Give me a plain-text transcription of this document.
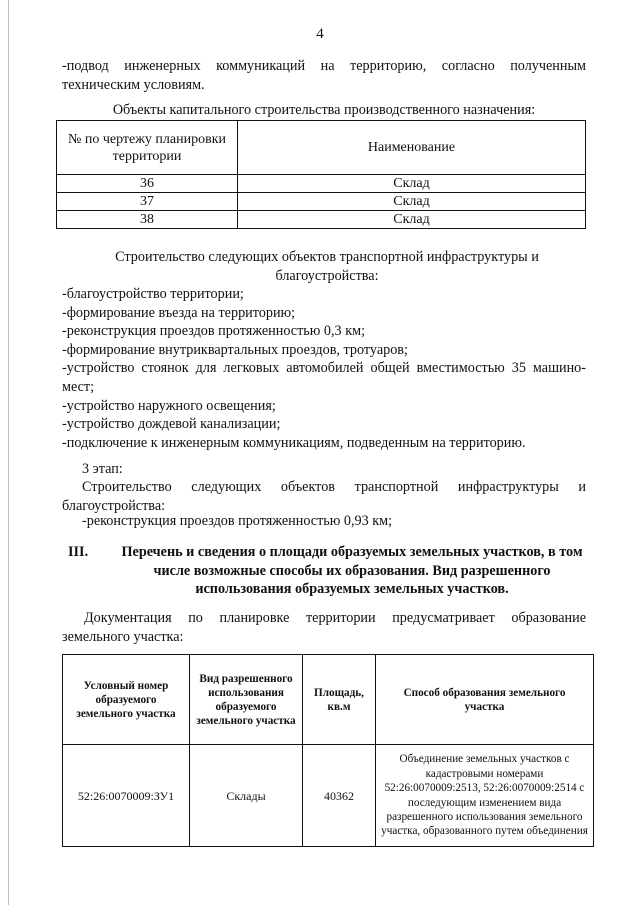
4
-подвод инженерных коммуникаций на территорию, согласно полученным техническим условиям.
Объекты капитального строительства производственного назначения:
№ по чертежу планировки территории	Наименование
36	Склад
37	Склад
38	Склад
Строительство следующих объектов транспортной инфраструктуры и благоустройства:
-благоустройство территории;
-формирование въезда на территорию;
-реконструкция проездов протяженностью 0,3 км;
-формирование внутриквартальных проездов, тротуаров;
-устройство стоянок для легковых автомобилей общей вместимостью 35 машино-мест;
-устройство наружного освещения;
-устройство дождевой канализации;
-подключение к инженерным коммуникациям, подведенным на территорию.
3 этап:
Строительство следующих объектов транспортной инфраструктуры и благоустройства:
-реконструкция проездов протяженностью 0,93 км;
III.	Перечень и сведения о площади образуемых земельных участков, в том числе возможные способы их образования. Вид разрешенного использования образуемых земельных участков.
Документация по планировке территории предусматривает образование земельного участка:
Условный номер образуемого земельного участка	Вид разрешенного использования образуемого земельного участка	Площадь, кв.м	Способ образования земельного участка
52:26:0070009:ЗУ1	Склады	40362	Объединение земельных участков с кадастровыми номерами 52:26:0070009:2513, 52:26:0070009:2514 с последующим изменением вида разрешенного использования земельного участка, образованного путем объединения
